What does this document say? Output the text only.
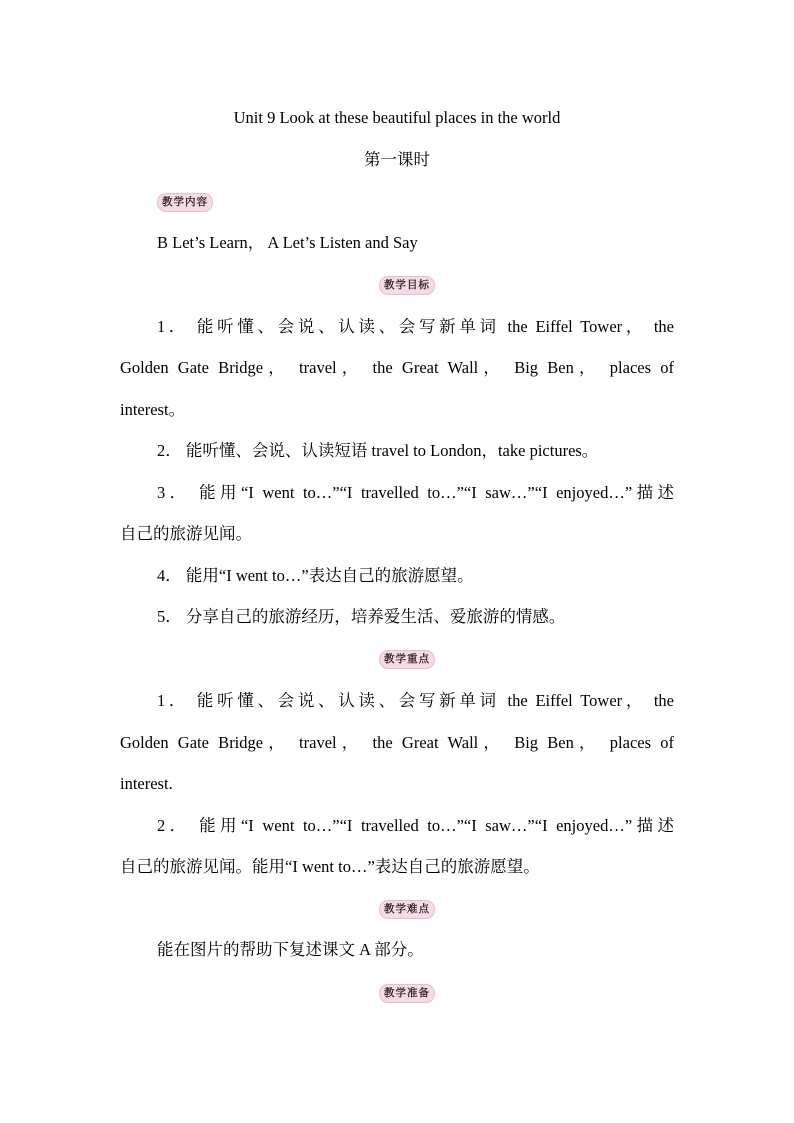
Unit 9 Look at these beautiful places in the world
第一课时
教学内容
B Let’s Learn， A Let’s Listen and Say
教学目标
1． 能听懂、会说、认读、会写新单词 the Eiffel Tower， the
Golden Gate Bridge， travel， the Great Wall， Big Ben， places of
interest。
2． 能听懂、会说、认读短语 travel to London，take pictures。
3． 能用“I went to…”“I travelled to…”“I saw…”“I enjoyed…”描述
自己的旅游见闻。
4． 能用“I went to…”表达自己的旅游愿望。
5． 分享自己的旅游经历，培养爱生活、爱旅游的情感。
教学重点
1． 能听懂、会说、认读、会写新单词 the Eiffel Tower， the
Golden Gate Bridge， travel， the Great Wall， Big Ben， places of
interest.
2． 能用“I went to…”“I travelled to…”“I saw…”“I enjoyed…”描述
自己的旅游见闻。能用“I went to…”表达自己的旅游愿望。
教学难点
能在图片的帮助下复述课文 A 部分。
教学准备
